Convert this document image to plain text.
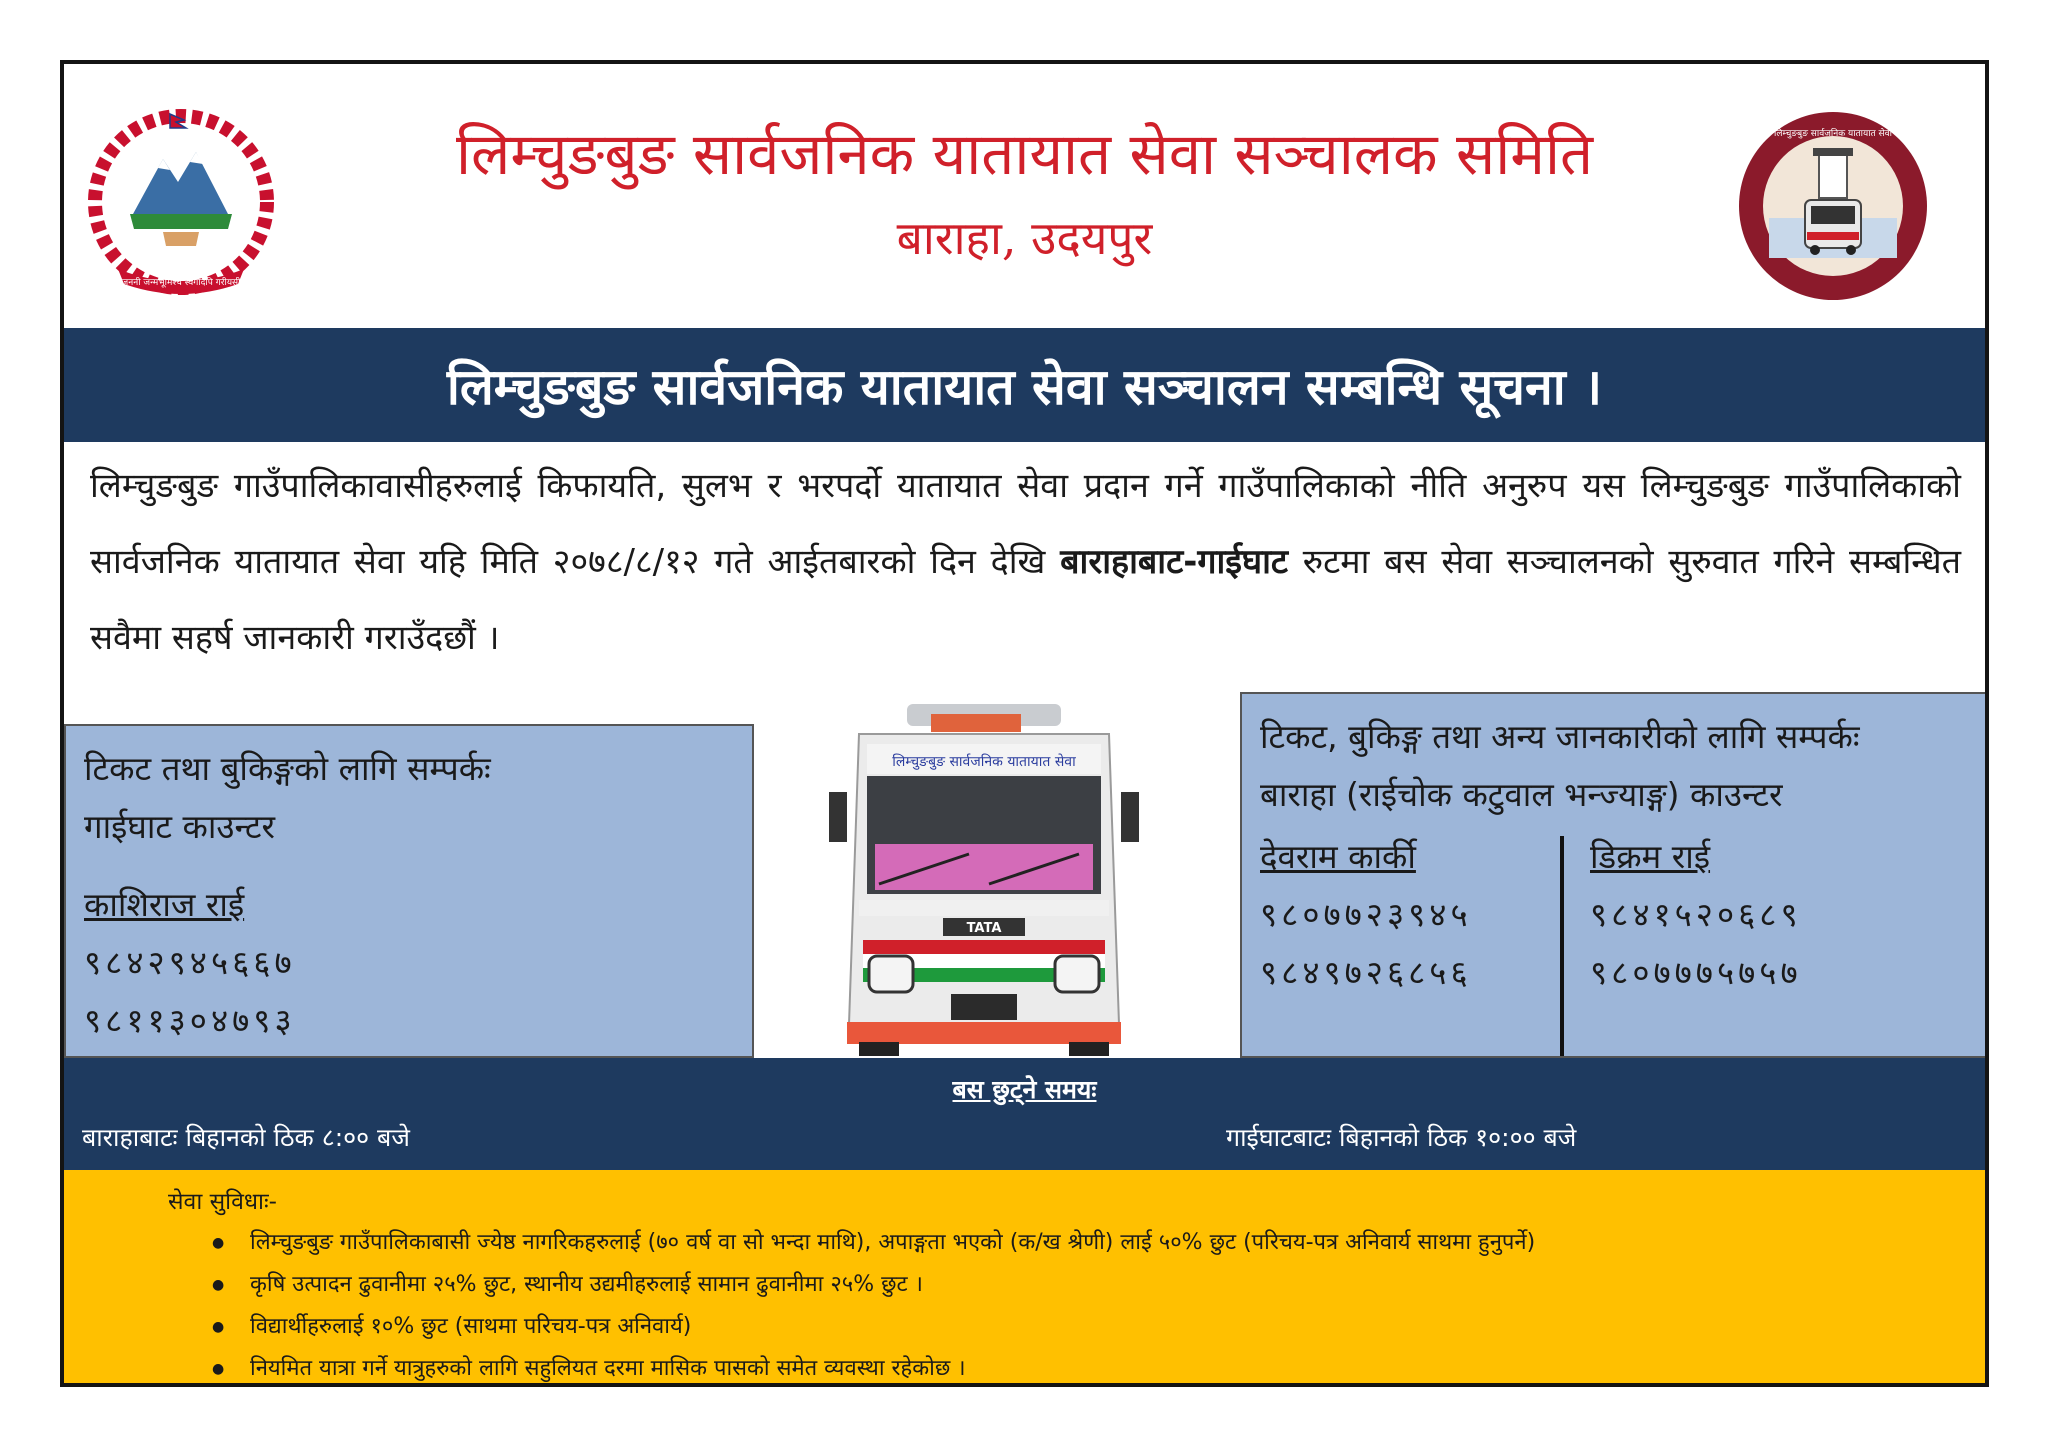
जननी जन्मभूमिश्च स्वर्गादपि गरीयसी
लिम्चुङबुङ सार्वजनिक यातायात सेवा सञ्चालक समिति
बाराहा, उदयपुर
लिम्चुङबुङ सार्वजनिक यातायात सेवा
लिम्चुङबुङ सार्वजनिक यातायात सेवा सञ्चालन सम्बन्धि सूचना ।
लिम्चुङबुङ गाउँपालिकावासीहरुलाई किफायति, सुलभ र भरपर्दो यातायात सेवा प्रदान गर्ने गाउँपालिकाको नीति अनुरुप यस लिम्चुङबुङ गाउँपालिकाको सार्वजनिक यातायात सेवा यहि मिति २०७८/८/१२ गते आईतबारको दिन देखि बाराहाबाट-गाईघाट रुटमा बस सेवा सञ्चालनको सुरुवात गरिने सम्बन्धित सवैमा सहर्ष जानकारी गराउँदछौं ।
टिकट तथा बुकिङ्गको लागि सम्पर्कः
गाईघाट काउन्टर
काशिराज राई
९८४२९४५६६७
९८११३०४७९३
लिम्चुङबुङ सार्वजनिक यातायात सेवा
TATA
टिकट, बुकिङ्ग तथा अन्य जानकारीको लागि सम्पर्कः
बाराहा (राईचोक कटुवाल भन्ज्याङ्ग) काउन्टर
देवराम कार्की
९८०७७२३९४५
९८४९७२६८५६
डिक्रम राई
९८४१५२०६८९
९८०७७७५७५७
बस छुट्ने समयः
बाराहाबाटः बिहानको ठिक ८:०० बजे	गाईघाटबाटः बिहानको ठिक १०:०० बजे
सेवा सुविधाः-
● लिम्चुङबुङ गाउँपालिकाबासी ज्येष्ठ नागरिकहरुलाई (७० वर्ष वा सो भन्दा माथि), अपाङ्गता भएको (क/ख श्रेणी) लाई ५०% छुट (परिचय-पत्र अनिवार्य साथमा हुनुपर्ने)
● कृषि उत्पादन ढुवानीमा २५% छुट, स्थानीय उद्यमीहरुलाई सामान ढुवानीमा २५% छुट ।
● विद्यार्थीहरुलाई १०% छुट (साथमा परिचय-पत्र अनिवार्य)
● नियमित यात्रा गर्ने यात्रुहरुको लागि सहुलियत दरमा मासिक पासको समेत व्यवस्था रहेकोछ ।
